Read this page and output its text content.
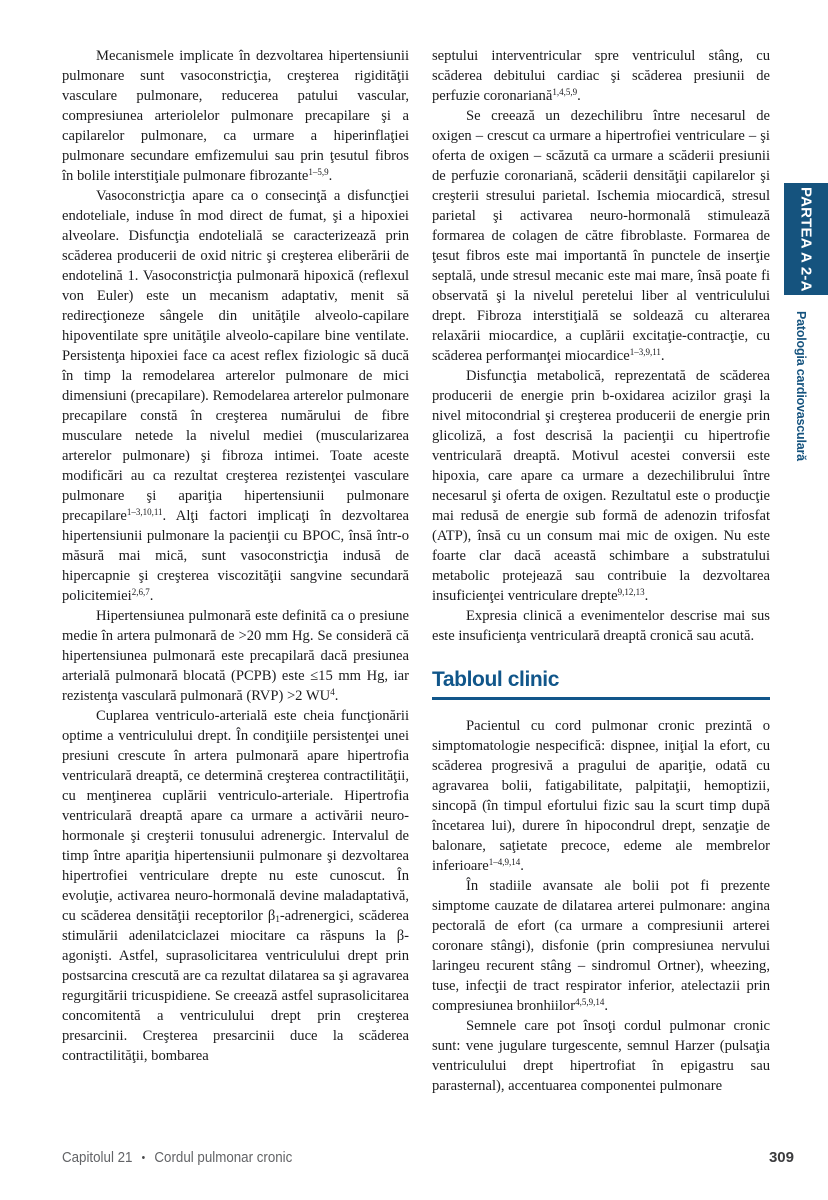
Mecanismele implicate în dezvoltarea hipertensiunii pulmonare sunt vasoconstricţia, creşterea rigidităţii vasculare pulmonare, reducerea patului vascular, compresiunea arteriolelor pulmonare precapilare şi a capilarelor pulmonare, ca urmare a hiperinflaţiei pulmonare secundare emfizemului sau prin ţesutul fibros în bolile interstiţiale pulmonare fibrozante$^{1-5,9}$.

Vasoconstricţia apare ca o consecinţă a disfuncţiei endoteliale, induse în mod direct de fumat, şi a hipoxiei alveolare. Disfuncţia endotelială se caracterizează prin scăderea producerii de oxid nitric şi creşterea eliberării de endotelină 1. Vasoconstricţia pulmonară hipoxică (reflexul von Euler) este un mecanism adaptativ, menit să redirecţioneze sângele din unităţile alveolo-capilare hipoventilate spre unităţile alveolo-capilare bine ventilate. Persistenţa hipoxiei face ca acest reflex fiziologic să ducă în timp la remodelarea arterelor pulmonare de mici dimensiuni (precapilare). Remodelarea arterelor pulmonare precapilare constă în creşterea numărului de fibre musculare netede la nivelul mediei (muscularizarea arterelor pulmonare) şi fibroza intimei. Toate aceste modificări au ca rezultat creşterea rezistenţei vasculare pulmonare şi apariţia hipertensiunii pulmonare precapilare$^{1-3,10,11}$. Alţi factori implicaţi în dezvoltarea hipertensiunii pulmonare la pacienţii cu BPOC, însă într-o măsură mai mică, sunt vasoconstricţia indusă de hipercapnie şi creşterea viscozităţii sangvine secundară policitemiei$^{2,6,7}$.

Hipertensiunea pulmonară este definită ca o presiune medie în artera pulmonară de >20 mm Hg. Se consideră că hipertensiunea pulmonară este precapilară dacă presiunea arterială pulmonară blocată (PCPB) este ≤15 mm Hg, iar rezistenţa vasculară pulmonară (RVP) >2 $WU^4$.

Cuplarea ventriculo-arterială este cheia funcţionării optime a ventriculului drept. În condiţiile persistenţei unei presiuni crescute în artera pulmonară apare hipertrofia ventriculară dreaptă, ce determină creşterea contractilităţii, cu menţinerea cuplării ventriculo-arteriale. Hipertrofia ventriculară dreaptă apare ca urmare a activării neuro-hormonale şi creşterii tonusului adrenergic. Intervalul de timp între apariţia hipertensiunii pulmonare şi dezvoltarea hipertrofiei ventriculare drepte nu este cunoscut. În evoluţie, activarea neuro-hormonală devine maladaptativă, cu scăderea densităţii receptorilor $\beta_1$-adrenergici, scăderea stimulării adenilatciclazei miocitare ca răspuns la β-agonişti. Astfel, suprasolicitarea ventriculului drept prin postsarcina crescută are ca rezultat dilatarea sa şi agravarea regurgitării tricuspidiene. Se creează astfel suprasolicitarea concomitentă a ventriculului drept prin creşterea presarcinii. Creşterea presarcinii duce la scăderea contractilităţii, bombarea

septului interventricular spre ventriculul stâng, cu scăderea debitului cardiac şi scăderea presiunii de perfuzie coronariană$^{1,4,5,9}$.

Se creează un dezechilibru între necesarul de oxigen – crescut ca urmare a hipertrofiei ventriculare – şi oferta de oxigen – scăzută ca urmare a scăderii presiunii de perfuzie coronariană, scăderii densităţii capilarelor şi creşterii stresului parietal. Ischemia miocardică, stresul parietal şi activarea neuro-hormonală stimulează formarea de colagen de către fibroblaste. Formarea de ţesut fibros este mai importantă în punctele de inserţie septală, unde stresul mecanic este mai mare, însă poate fi observată şi la nivelul peretelui liber al ventriculului drept. Fibroza interstiţială se soldează cu alterarea relaxării miocardice, a cuplării excitaţie-contracţie, cu scăderea performanţei miocardice$^{1-3,9,11}$.

Disfuncţia metabolică, reprezentată de scăderea producerii de energie prin b-oxidarea acizilor graşi la nivel mitocondrial şi creşterea producerii de energie prin glicoliză, a fost descrisă la pacienţii cu hipertrofie ventriculară dreaptă. Motivul acestei conversii este hipoxia, care apare ca urmare a dezechilibrului între necesarul şi oferta de oxigen. Rezultatul este o producţie mai redusă de energie sub formă de adenozin trifosfat (ATP), însă cu un consum mai mic de oxigen. Nu este foarte clar dacă această schimbare a substratului metabolic protejează sau contribuie la dezvoltarea insuficienţei ventriculare drepte$^{9,12,13}$.

Expresia clinică a evenimentelor descrise mai sus este insuficienţa ventriculară dreaptă cronică sau acută.

Tabloul clinic

Pacientul cu cord pulmonar cronic prezintă o simptomatologie nespecifică: dispnee, iniţial la efort, cu scăderea progresivă a pragului de apariţie, odată cu agravarea bolii, fatigabilitate, palpitaţii, hemoptizii, sincopă (în timpul efortului fizic sau la scurt timp după încetarea lui), durere în hipocondrul drept, senzaţie de balonare, saţietate precoce, edeme ale membrelor inferioare$^{1-4,9,14}$.

În stadiile avansate ale bolii pot fi prezente simptome cauzate de dilatarea arterei pulmonare: angina pectorală de efort (ca urmare a compresiunii arterei coronare stângi), disfonie (prin compresiunea nervului laringeu recurent stâng – sindromul Ortner), wheezing, tuse, infecţii de tract respirator inferior, atelectazii prin compresiunea bronhiilor$^{4,5,9,14}$.

Semnele care pot însoţi cordul pulmonar cronic sunt: vene jugulare turgescente, semnul Harzer (pulsaţia ventriculului drept hipertrofiat în epigastru sau parasternal), accentuarea componentei pulmonare

PARTEA A 2-A
Patologia cardiovasculară
Capitolul 21 • Cordul pulmonar cronic	309
